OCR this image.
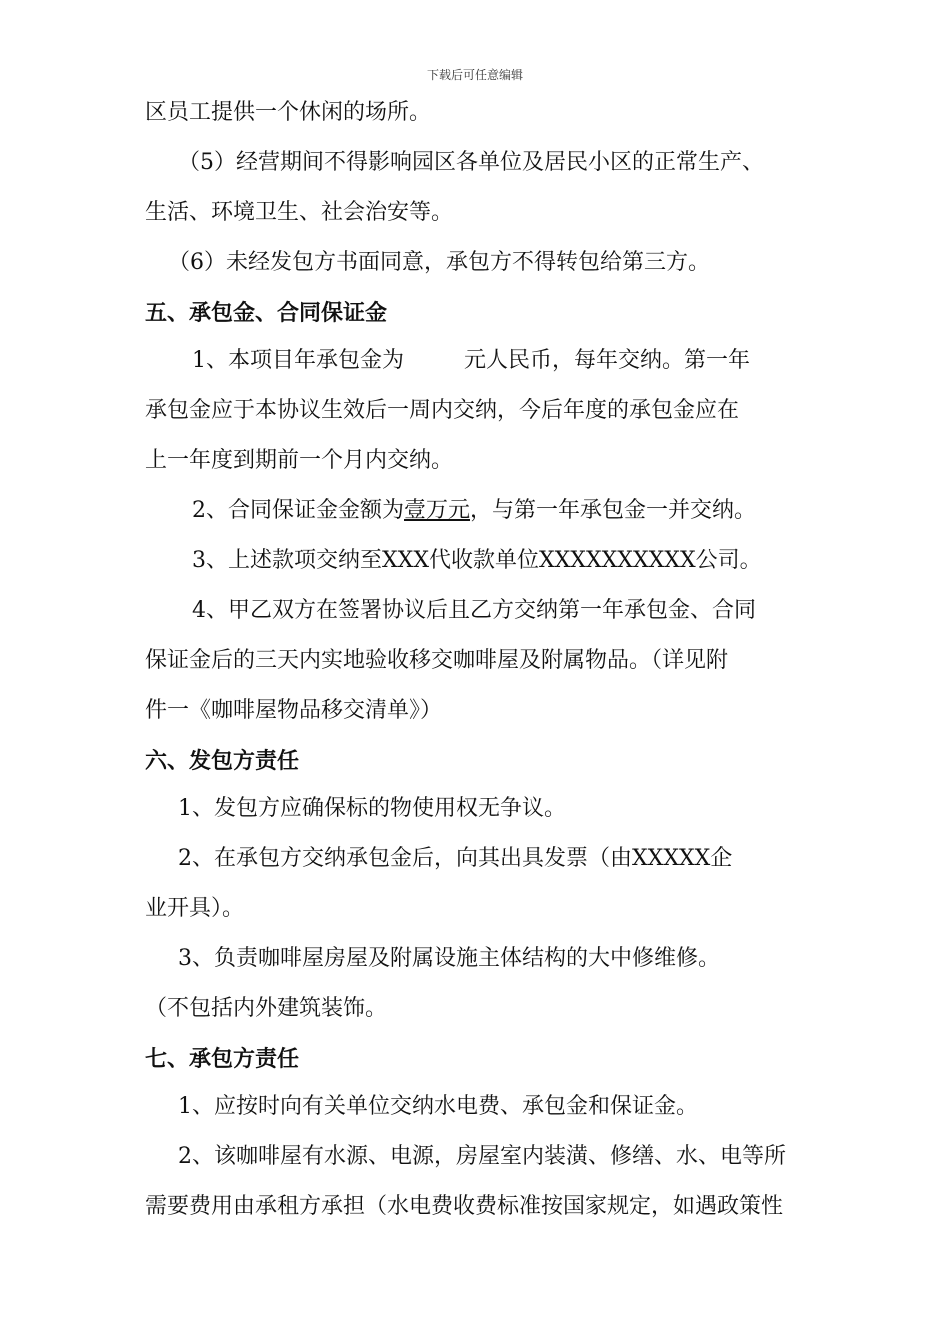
下载后可任意编辑
区员工提供一个休闲的场所。
（5）经营期间不得影响园区各单位及居民小区的正常生产、
生活、环境卫生、社会治安等。
（6）未经发包方书面同意，承包方不得转包给第三方。
五、承包金、合同保证金
1、本项目年承包金为	元人民币，每年交纳。第一年
承包金应于本协议生效后一周内交纳，今后年度的承包金应在
上一年度到期前一个月内交纳。
2、合同保证金金额为壹万元，与第一年承包金一并交纳。
3、上述款项交纳至XXX代收款单位XXXXXXXXXX公司。
4、甲乙双方在签署协议后且乙方交纳第一年承包金、合同
保证金后的三天内实地验收移交咖啡屋及附属物品。（详见附
件一《咖啡屋物品移交清单》）
六、发包方责任
1、发包方应确保标的物使用权无争议。
2、在承包方交纳承包金后，向其出具发票（由XXXXX企
业开具）。
3、负责咖啡屋房屋及附属设施主体结构的大中修维修。
（不包括内外建筑装饰。
七、承包方责任
1、应按时向有关单位交纳水电费、承包金和保证金。
2、该咖啡屋有水源、电源，房屋室内装潢、修缮、水、电等所
需要费用由承租方承担（水电费收费标准按国家规定，如遇政策性
